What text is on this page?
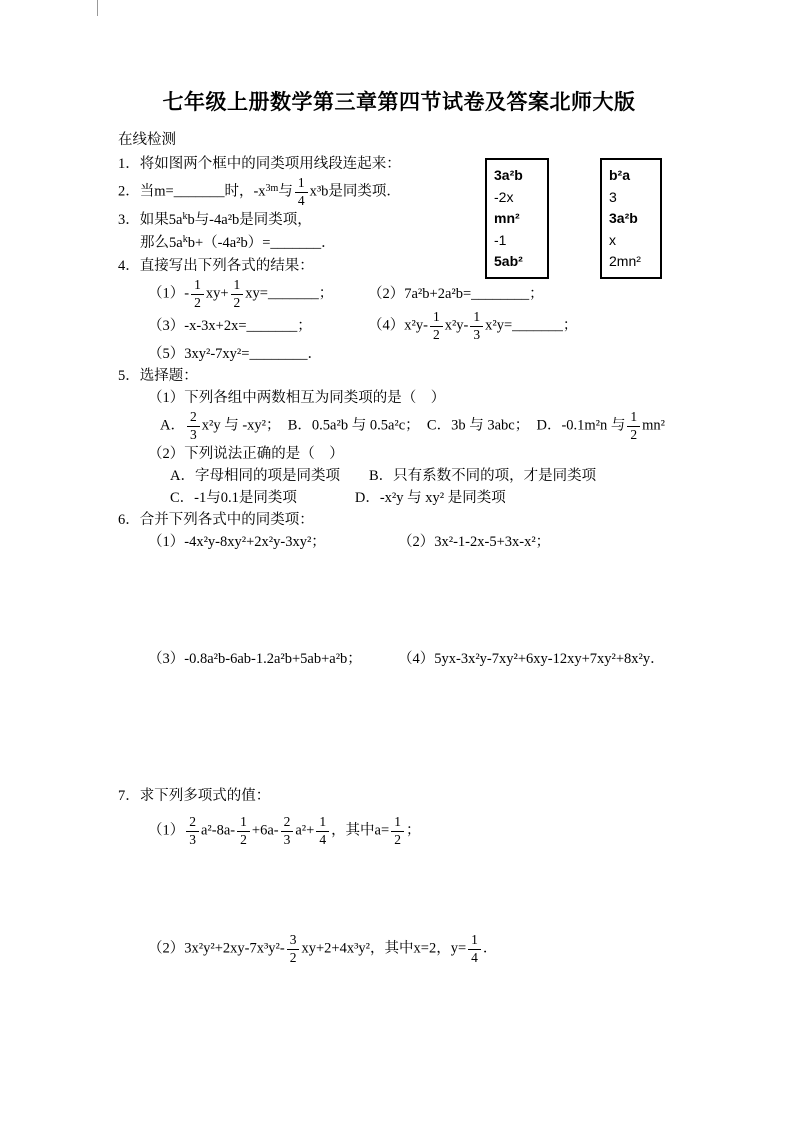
七年级上册数学第三章第四节试卷及答案北师大版
在线检测
1．将如图两个框中的同类项用线段连起来：
2．当m=_______时，$-x^{3m}$与 $\frac{1}{4} x^3b$是同类项．
3．如果$5a^kb$与-4a²b是同类项，
那么$5a^kb+(-4a^2b)=\_\_\_\_\_\_\_$．
4．直接写出下列各式的结果：
$(1)- \frac{1}{2} xy+ \frac{1}{2}$ xy=_______；	（2）7a²b+2a²b=________；
（3）-x-3x+2x=_______；	$(4)x^2y- \frac{1}{2} x^2y- \frac{1}{3}$ x²y=_______；
（5）3xy²-7xy²=________．
5．选择题：
（1）下列各组中两数相互为同类项的是（　）
A． $\frac{2}{3} x^2y$ 与 -xy²；　B．0.5a²b 与 0.5a²c；　C．3b 与 3abc；　D．-0.1m²n 与 $\frac{1}{2} mn^2$
（2）下列说法正确的是（　）
A．字母相同的项是同类项　　B．只有系数不同的项，才是同类项
C．-1与0.1是同类项　　　　D．-x²y 与 xy² 是同类项
6．合并下列各式中的同类项：
（1）-4x²y-8xy²+2x²y-3xy²；	（2）3x²-1-2x-5+3x-x²；
（3）-0.8a²b-6ab-1.2a²b+5ab+a²b；	（4）5yx-3x²y-7xy²+6xy-12xy+7xy²+8x²y．
7．求下列多项式的值：
$(1) \frac{2}{3} a^2-8a- \frac{1}{2} +6a- \frac{2}{3} a^2+ \frac{1}{4}$ ，其中$a= \frac{1}{2}$ ；
$(2)3x^2y^2+2xy-7x^3y^2- \frac{3}{2} xy+2+4x^3y^2$，其中x=2，$y= \frac{1}{4}$ ．
3a²b
-2x
mn²
-1
5ab²
b²a
3
3a²b
x
2mn²
